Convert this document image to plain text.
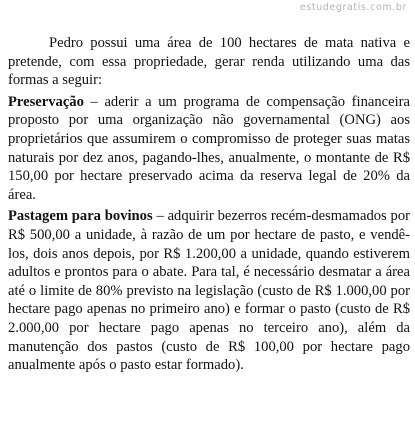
estudegratis.com.br

Pedro possui uma área de 100 hectares de mata nativa e pretende, com essa propriedade, gerar renda utilizando uma das formas a seguir:

Preservação – aderir a um programa de compensação financeira proposto por uma organização não governamental (ONG) aos proprietários que assumirem o compromisso de proteger suas matas naturais por dez anos, pagando-lhes, anualmente, o montante de R$ 150,00 por hectare preservado acima da reserva legal de 20% da área.

Pastagem para bovinos – adquirir bezerros recém-desmamados por R$ 500,00 a unidade, à razão de um por hectare de pasto, e vendê-los, dois anos depois, por R$ 1.200,00 a unidade, quando estiverem adultos e prontos para o abate. Para tal, é necessário desmatar a área até o limite de 80% previsto na legislação (custo de R$ 1.000,00 por hectare pago apenas no primeiro ano) e formar o pasto (custo de R$ 2.000,00 por hectare pago apenas no terceiro ano), além da manutenção dos pastos (custo de R$ 100,00 por hectare pago anualmente após o pasto estar formado).
